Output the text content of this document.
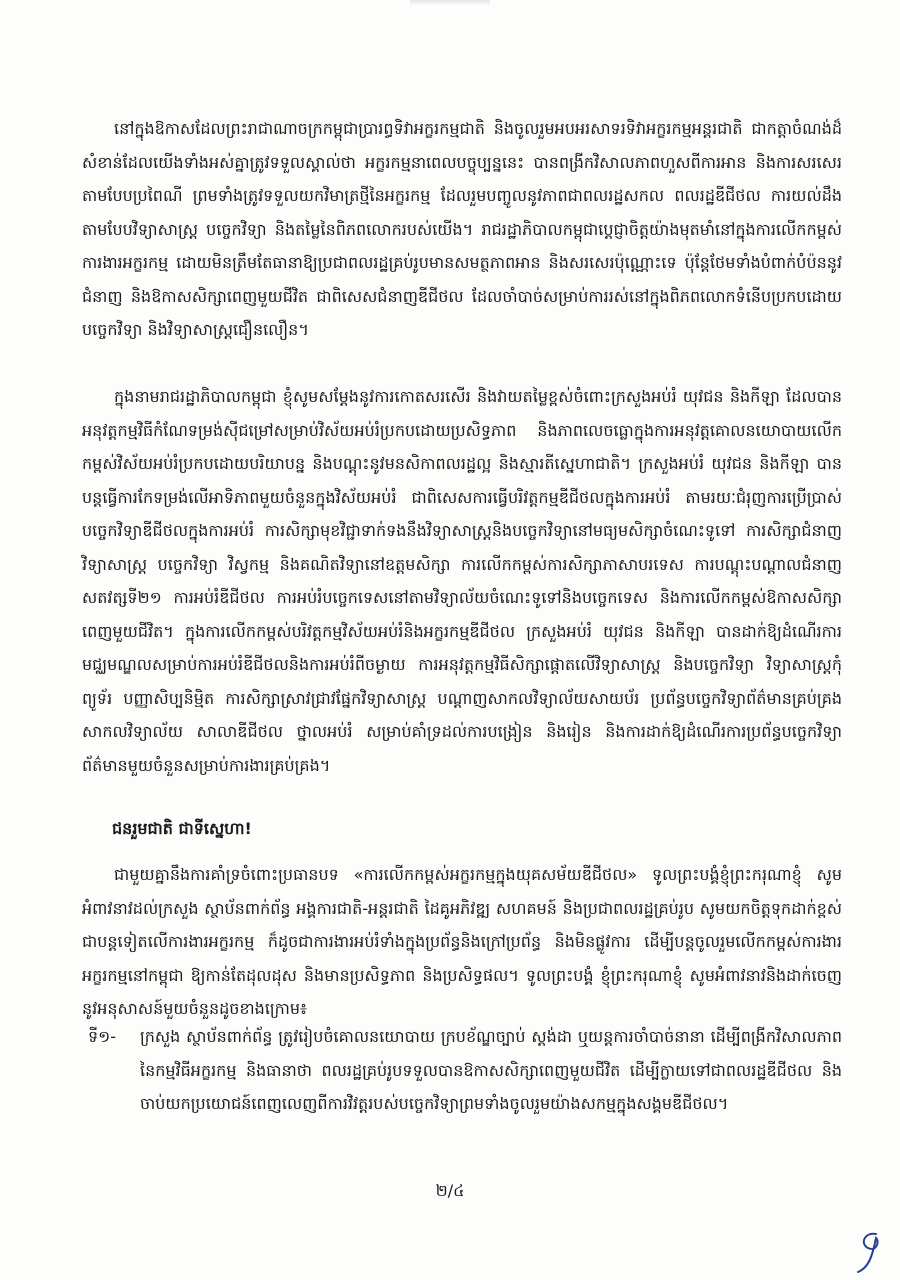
នៅក្នុងឱកាសដែលព្រះរាជាណាចក្រកម្ពុជាប្រារព្ធទិវាអក្ខរកម្មជាតិ និងចូលរួមអបអរសាទរទិវាអក្ខរកម្មអន្តរជាតិ ជាកត្តាចំណង់ដ៏សំខាន់ដែលយើងទាំងអស់គ្នាត្រូវទទួលស្គាល់ថា អក្ខរកម្មនាពេលបច្ចុប្បន្ននេះ បានពង្រីកវិសាលភាពហួសពីការអាន និងការសរសេរតាមបែបប្រពៃណី ព្រមទាំងត្រូវទទួលយកវិមាត្រថ្មីនៃអក្ខរកម្ម ដែលរួមបញ្ចូលនូវភាពជាពលរដ្ឋសកល ពលរដ្ឋឌីជីថល ការយល់ដឹងតាមបែបវិទ្យាសាស្ត្រ បច្ចេកវិទ្យា និងតម្លៃនៃពិភពលោករបស់យើង។ រាជរដ្ឋាភិបាលកម្ពុជាប្តេជ្ញាចិត្តយ៉ាងមុតមាំនៅក្នុងការលើកកម្ពស់ការងារអក្ខរកម្ម ដោយមិនត្រឹមតែធានាឱ្យប្រជាពលរដ្ឋគ្រប់រូបមានសមត្ថភាពអាន និងសរសេរប៉ុណ្ណោះទេ ប៉ុន្តែថែមទាំងបំពាក់បំប៉ននូវជំនាញ និងឱកាសសិក្សាពេញមួយជីវិត ជាពិសេសជំនាញឌីជីថល ដែលចាំបាច់សម្រាប់ការរស់នៅក្នុងពិភពលោកទំនើបប្រកបដោយបច្ចេកវិទ្យា និងវិទ្យាសាស្ត្រជឿនលឿន។

ក្នុងនាមរាជរដ្ឋាភិបាលកម្ពុជា ខ្ញុំសូមសម្តែងនូវការកោតសរសើរ និងវាយតម្លៃខ្ពស់ចំពោះក្រសួងអប់រំ យុវជន និងកីឡា ដែលបានអនុវត្តកម្មវិធីកំណែទម្រង់ស៊ីជម្រៅសម្រាប់វិស័យអប់រំប្រកបដោយប្រសិទ្ធភាព និងភាពលេចធ្លោក្នុងការអនុវត្តគោលនយោបាយលើកកម្ពស់វិស័យអប់រំប្រកបដោយបរិយាបន្ន និងបណ្តុះនូវមនសិកាពលរដ្ឋល្អ និងស្មារតីស្នេហាជាតិ។ ក្រសួងអប់រំ យុវជន និងកីឡា បានបន្តធ្វើការកែទម្រង់លើអាទិភាពមួយចំនួនក្នុងវិស័យអប់រំ ជាពិសេសការធ្វើបរិវត្តកម្មឌីជីថលក្នុងការអប់រំ តាមរយៈជំរុញការប្រើប្រាស់បច្ចេកវិទ្យាឌីជីថលក្នុងការអប់រំ ការសិក្សាមុខវិជ្ជាទាក់ទងនឹងវិទ្យាសាស្ត្រនិងបច្ចេកវិទ្យានៅមធ្យមសិក្សាចំណេះទូទៅ ការសិក្សាជំនាញវិទ្យាសាស្ត្រ បច្ចេកវិទ្យា វិស្វកម្ម និងគណិតវិទ្យានៅឧត្តមសិក្សា ការលើកកម្ពស់ការសិក្សាភាសាបរទេស ការបណ្តុះបណ្តាលជំនាញសតវត្សទី២១ ការអប់រំឌីជីថល ការអប់រំបច្ចេកទេសនៅតាមវិទ្យាល័យចំណេះទូទៅនិងបច្ចេកទេស និងការលើកកម្ពស់ឱកាសសិក្សាពេញមួយជីវិត។ ក្នុងការលើកកម្ពស់បរិវត្តកម្មវិស័យអប់រំនិងអក្ខរកម្មឌីជីថល ក្រសួងអប់រំ យុវជន និងកីឡា បានដាក់ឱ្យដំណើរការមជ្ឈមណ្ឌលសម្រាប់ការអប់រំឌីជីថលនិងការអប់រំពីចម្ងាយ ការអនុវត្តកម្មវិធីសិក្សាផ្តោតលើវិទ្យាសាស្ត្រ និងបច្ចេកវិទ្យា វិទ្យាសាស្ត្រកុំព្យូទ័រ បញ្ញាសិប្បនិម្មិត ការសិក្សាស្រាវជ្រាវផ្នែកវិទ្យាសាស្ត្រ បណ្តាញសាកលវិទ្យាល័យសាយប័រ ប្រព័ន្ធបច្ចេកវិទ្យាព័ត៌មានគ្រប់គ្រងសាកលវិទ្យាល័យ សាលាឌីជីថល ថ្នាលអប់រំ សម្រាប់គាំទ្រដល់ការបង្រៀន និងរៀន និងការដាក់ឱ្យដំណើរការប្រព័ន្ធបច្ចេកវិទ្យាព័ត៌មានមួយចំនួនសម្រាប់ការងារគ្រប់គ្រង។

ជនរួមជាតិ ជាទីស្នេហា!

ជាមួយគ្នានឹងការគាំទ្រចំពោះប្រធានបទ «ការលើកកម្ពស់អក្ខរកម្មក្នុងយុគសម័យឌីជីថល» ទូលព្រះបង្គំខ្ញុំព្រះករុណាខ្ញុំ សូមអំពាវនាវដល់ក្រសួង ស្ថាប័នពាក់ព័ន្ធ អង្គការជាតិ-អន្តរជាតិ ដៃគូអភិវឌ្ឍ សហគមន៍ និងប្រជាពលរដ្ឋគ្រប់រូប សូមយកចិត្តទុកដាក់ខ្ពស់ជាបន្តទៀតលើការងារអក្ខរកម្ម ក៏ដូចជាការងារអប់រំទាំងក្នុងប្រព័ន្ធនិងក្រៅប្រព័ន្ធ និងមិនផ្លូវការ ដើម្បីបន្តចូលរួមលើកកម្ពស់ការងារអក្ខរកម្មនៅកម្ពុជា ឱ្យកាន់តែដុលដុស និងមានប្រសិទ្ធភាព និងប្រសិទ្ធផល។ ទូលព្រះបង្គំ ខ្ញុំព្រះករុណាខ្ញុំ សូមអំពាវនាវនិងដាក់ចេញនូវអនុសាសន៍មួយចំនួនដូចខាងក្រោម៖

ទី១- ក្រសួង ស្ថាប័នពាក់ព័ន្ធ ត្រូវរៀបចំគោលនយោបាយ ក្របខ័ណ្ឌច្បាប់ ស្តង់ដា ឬយន្តការចាំបាច់នានា ដើម្បីពង្រីកវិសាលភាពនៃកម្មវិធីអក្ខរកម្ម និងធានាថា ពលរដ្ឋគ្រប់រូបទទួលបានឱកាសសិក្សាពេញមួយជីវិត ដើម្បីក្លាយទៅជាពលរដ្ឋឌីជីថល និងចាប់យកប្រយោជន៍ពេញលេញពីការវិវត្តរបស់បច្ចេកវិទ្យាព្រមទាំងចូលរួមយ៉ាងសកម្មក្នុងសង្គមឌីជីថល។
២/៤
